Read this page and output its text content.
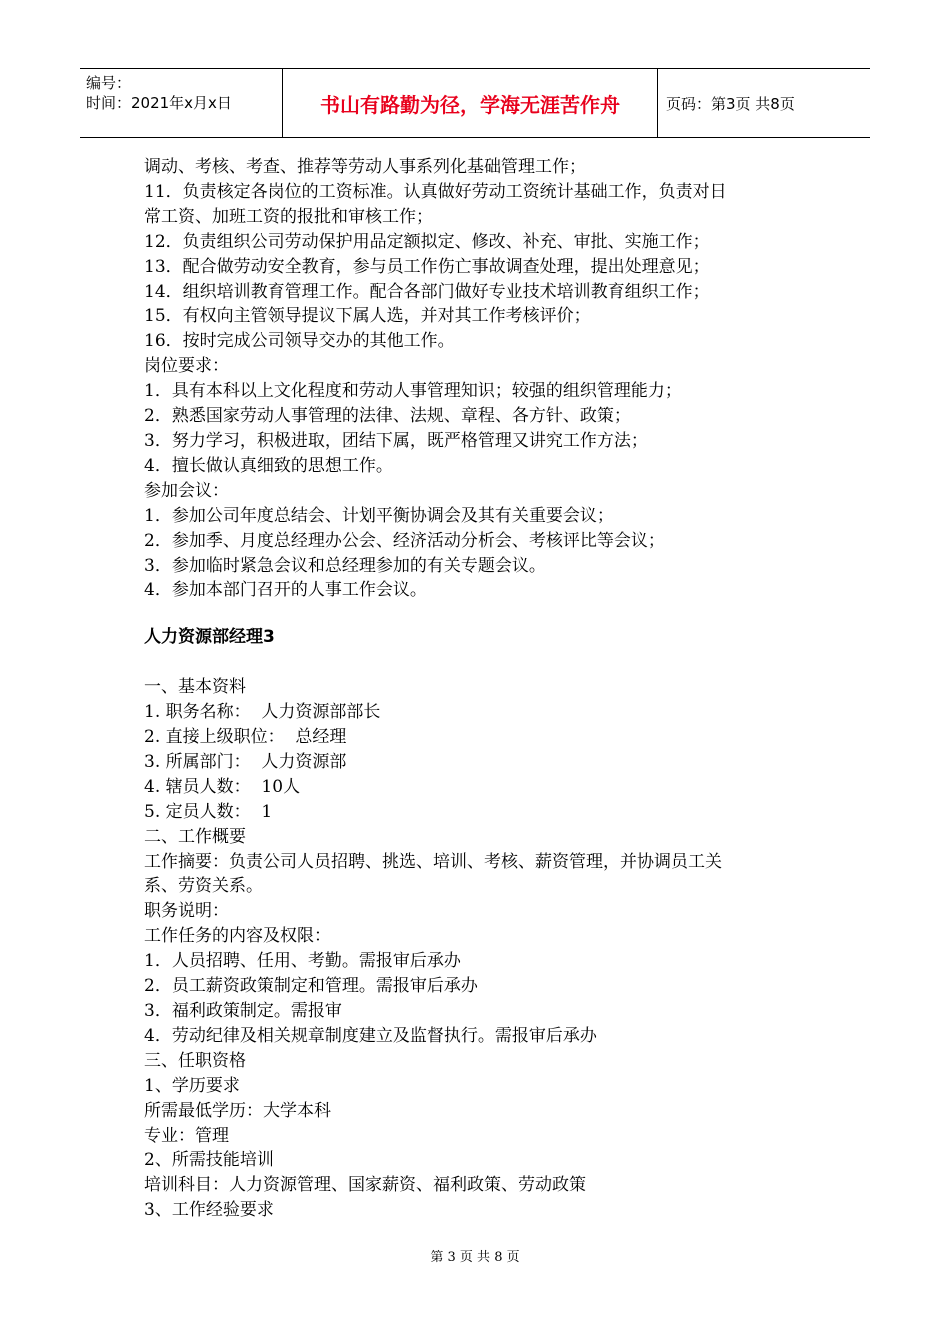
编号：
时间：2021年x月x日	书山有路勤为径，学海无涯苦作舟	页码：第3页 共8页

调动、考核、考查、推荐等劳动人事系列化基础管理工作；

11．负责核定各岗位的工资标准。认真做好劳动工资统计基础工作，负责对日

常工资、加班工资的报批和审核工作；

12．负责组织公司劳动保护用品定额拟定、修改、补充、审批、实施工作；

13．配合做劳动安全教育，参与员工作伤亡事故调查处理，提出处理意见；

14．组织培训教育管理工作。配合各部门做好专业技术培训教育组织工作；

15．有权向主管领导提议下属人选，并对其工作考核评价；

16．按时完成公司领导交办的其他工作。

岗位要求：

1．具有本科以上文化程度和劳动人事管理知识；较强的组织管理能力；

2．熟悉国家劳动人事管理的法律、法规、章程、各方针、政策；

3．努力学习，积极进取，团结下属，既严格管理又讲究工作方法；

4．擅长做认真细致的思想工作。

参加会议：

1．参加公司年度总结会、计划平衡协调会及其有关重要会议；

2．参加季、月度总经理办公会、经济活动分析会、考核评比等会议；

3．参加临时紧急会议和总经理参加的有关专题会议。

4．参加本部门召开的人事工作会议。

人力资源部经理3

一、基本资料

1. 职务名称：  人力资源部部长

2. 直接上级职位：  总经理

3. 所属部门：  人力资源部

4. 辖员人数：  10人

5. 定员人数：  1

二、工作概要

工作摘要：负责公司人员招聘、挑选、培训、考核、薪资管理，并协调员工关

系、劳资关系。

职务说明：

工作任务的内容及权限：

1．人员招聘、任用、考勤。需报审后承办

2．员工薪资政策制定和管理。需报审后承办

3．福利政策制定。需报审

4．劳动纪律及相关规章制度建立及监督执行。需报审后承办

三、任职资格

1、学历要求

所需最低学历：大学本科

专业：管理

2、所需技能培训

培训科目：人力资源管理、国家薪资、福利政策、劳动政策

3、工作经验要求

第 3 页 共 8 页
